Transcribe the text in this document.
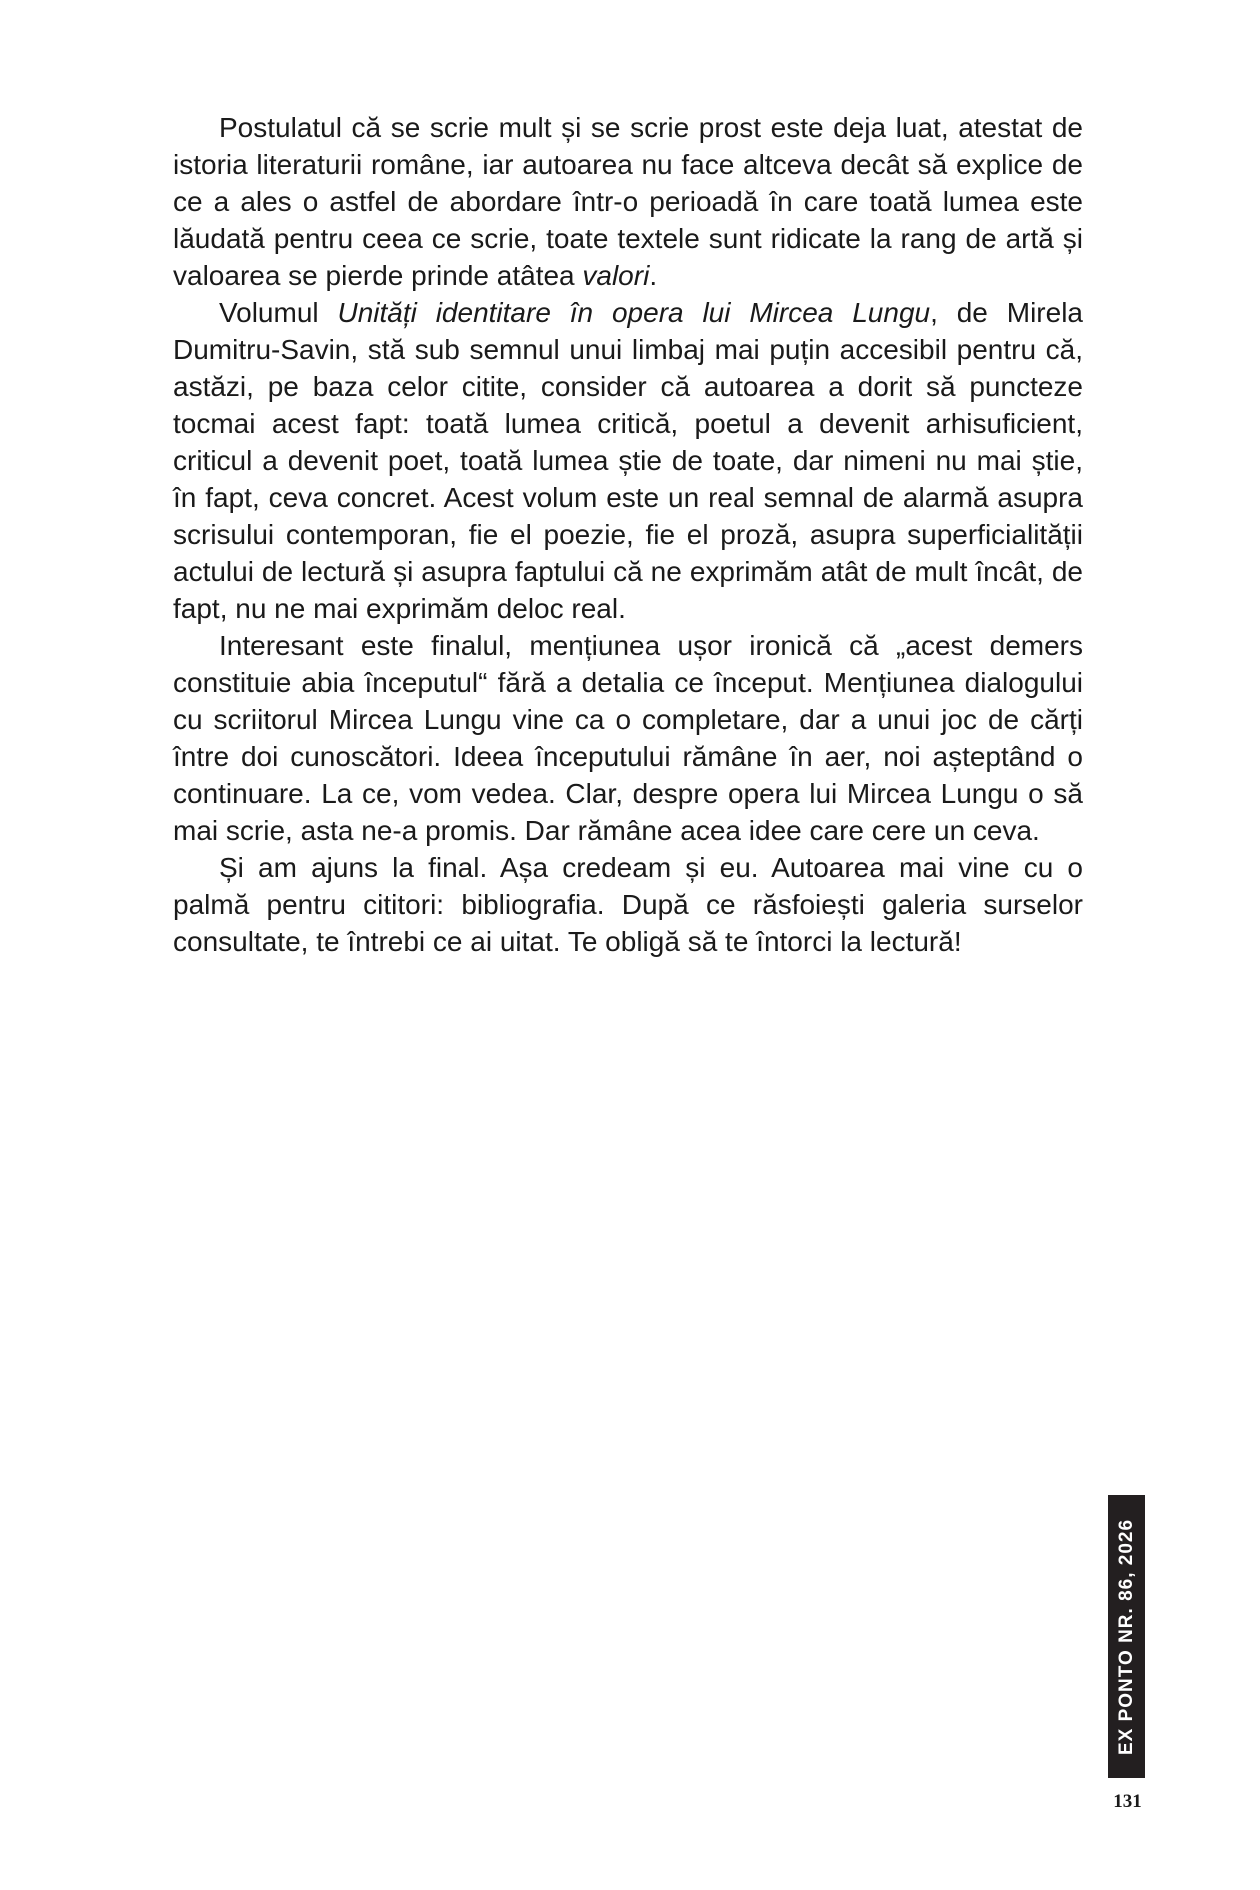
Postulatul că se scrie mult și se scrie prost este deja luat, atestat de istoria literaturii române, iar autoarea nu face altceva decât să explice de ce a ales o astfel de abordare într-o perioadă în care toată lumea este lăudată pentru ceea ce scrie, toate textele sunt ridicate la rang de artă și valoarea se pierde prinde atâtea valori.

Volumul Unități identitare în opera lui Mircea Lungu, de Mirela Dumitru-Savin, stă sub semnul unui limbaj mai puțin accesibil pentru că, astăzi, pe baza celor citite, consider că autoarea a dorit să puncteze tocmai acest fapt: toată lumea critică, poetul a devenit arhisuficient, criticul a devenit poet, toată lumea știe de toate, dar nimeni nu mai știe, în fapt, ceva concret. Acest volum este un real semnal de alarmă asupra scrisului contemporan, fie el poezie, fie el proză, asupra superficialității actului de lectură și asupra faptului că ne exprimăm atât de mult încât, de fapt, nu ne mai exprimăm deloc real.

Interesant este finalul, mențiunea ușor ironică că „acest demers constituie abia începutul“ fără a detalia ce început. Mențiunea dialogului cu scriitorul Mircea Lungu vine ca o completare, dar a unui joc de cărți între doi cunoscători. Ideea începutului rămâne în aer, noi așteptând o continuare. La ce, vom vedea. Clar, despre opera lui Mircea Lungu o să mai scrie, asta ne-a promis. Dar rămâne acea idee care cere un ceva.

Și am ajuns la final. Așa credeam și eu. Autoarea mai vine cu o palmă pentru cititori: bibliografia. După ce răsfoiești galeria surselor consultate, te întrebi ce ai uitat. Te obligă să te întorci la lectură!

EX PONTO NR. 86, 2026
131
